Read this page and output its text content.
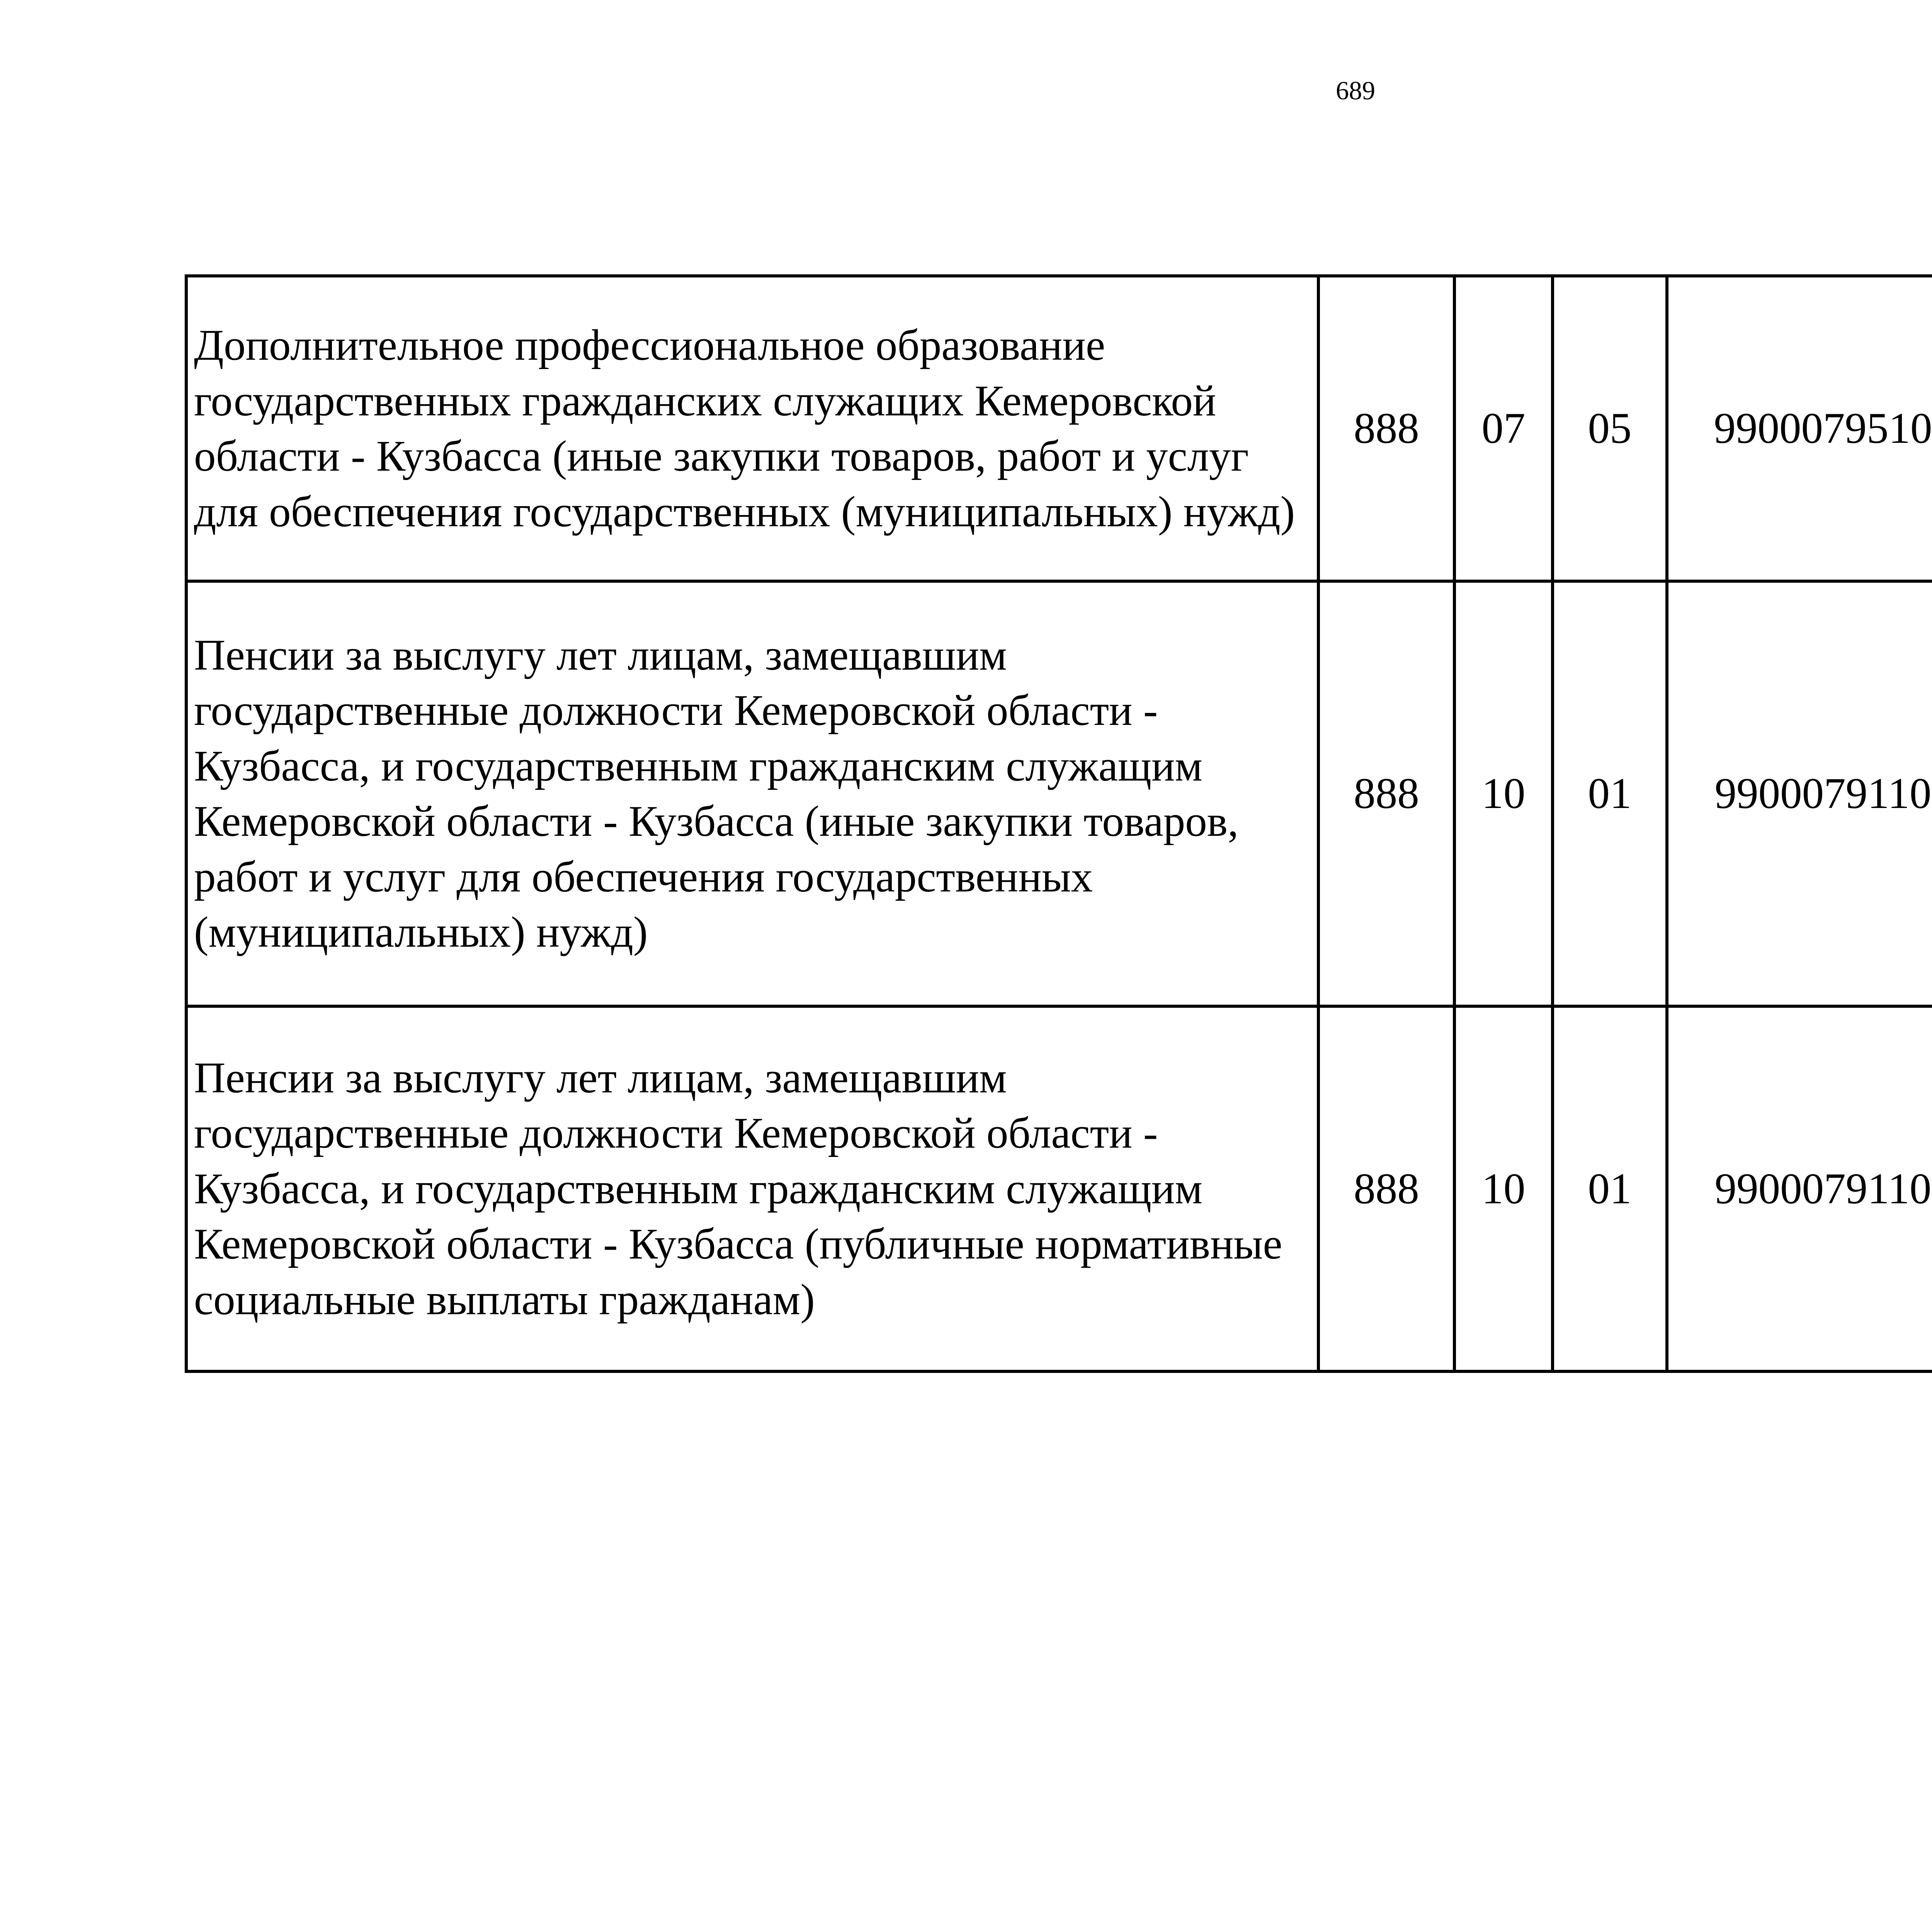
689
Дополнительное профессиональное образование государственных гражданских служащих Кемеровской области - Кузбасса (иные закупки товаров, работ и услуг для обеспечения государственных (муниципальных) нужд)	888	07	05	9900079510		
Пенсии за выслугу лет лицам, замещавшим государственные должности Кемеровской области - Кузбасса, и государственным гражданским служащим Кемеровской области - Кузбасса (иные закупки товаров, работ и услуг для обеспечения государственных (муниципальных) нужд)	888	10	01	9900079110		
Пенсии за выслугу лет лицам, замещавшим государственные должности Кемеровской области - Кузбасса, и государственным гражданским служащим Кемеровской области - Кузбасса (публичные нормативные социальные выплаты гражданам)	888	10	01	9900079110		
